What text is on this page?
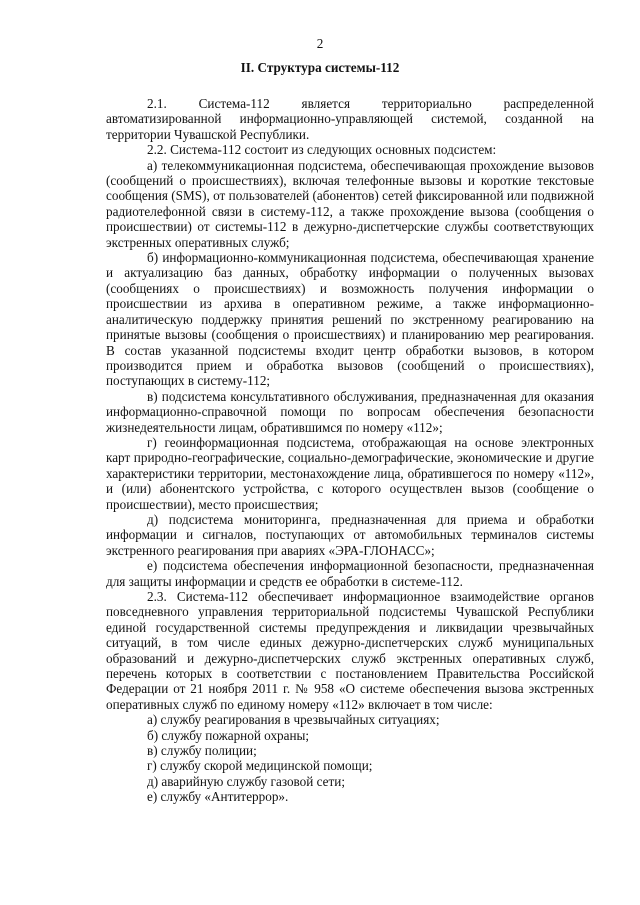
2
II. Структура системы-112

2.1. Система-112 является территориально распределенной автоматизированной информационно-управляющей системой, созданной на территории Чувашской Республики.

2.2. Система-112 состоит из следующих основных подсистем:

а) телекоммуникационная подсистема, обеспечивающая прохождение вызовов (сообщений о происшествиях), включая телефонные вызовы и короткие текстовые сообщения (SMS), от пользователей (абонентов) сетей фиксированной или подвижной радиотелефонной связи в систему-112, а также прохождение вызова (сообщения о происшествии) от системы-112 в дежурно-диспетчерские службы соответствующих экстренных оперативных служб;

б) информационно-коммуникационная подсистема, обеспечивающая хранение и актуализацию баз данных, обработку информации о полученных вызовах (сообщениях о происшествиях) и возможность получения информации о происшествии из архива в оперативном режиме, а также информационно-аналитическую поддержку принятия решений по экстренному реагированию на принятые вызовы (сообщения о происшествиях) и планированию мер реагирования. В состав указанной подсистемы входит центр обработки вызовов, в котором производится прием и обработка вызовов (сообщений о происшествиях), поступающих в систему-112;

в) подсистема консультативного обслуживания, предназначенная для оказания информационно-справочной помощи по вопросам обеспечения безопасности жизнедеятельности лицам, обратившимся по номеру «112»;

г) геоинформационная подсистема, отображающая на основе электронных карт природно-географические, социально-демографические, экономические и другие характеристики территории, местонахождение лица, обратившегося по номеру «112», и (или) абонентского устройства, с которого осуществлен вызов (сообщение о происшествии), место происшествия;

д) подсистема мониторинга, предназначенная для приема и обработки информации и сигналов, поступающих от автомобильных терминалов системы экстренного реагирования при авариях «ЭРА-ГЛОНАСС»;

е) подсистема обеспечения информационной безопасности, предназначенная для защиты информации и средств ее обработки в системе-112.

2.3. Система-112 обеспечивает информационное взаимодействие органов повседневного управления территориальной подсистемы Чувашской Республики единой государственной системы предупреждения и ликвидации чрезвычайных ситуаций, в том числе единых дежурно-диспетчерских служб муниципальных образований и дежурно-диспетчерских служб экстренных оперативных служб, перечень которых в соответствии с постановлением Правительства Российской Федерации от 21 ноября 2011 г. № 958 «О системе обеспечения вызова экстренных оперативных служб по единому номеру «112» включает в том числе:

а) службу реагирования в чрезвычайных ситуациях;

б) службу пожарной охраны;

в) службу полиции;

г) службу скорой медицинской помощи;

д) аварийную службу газовой сети;

е) службу «Антитеррор».
